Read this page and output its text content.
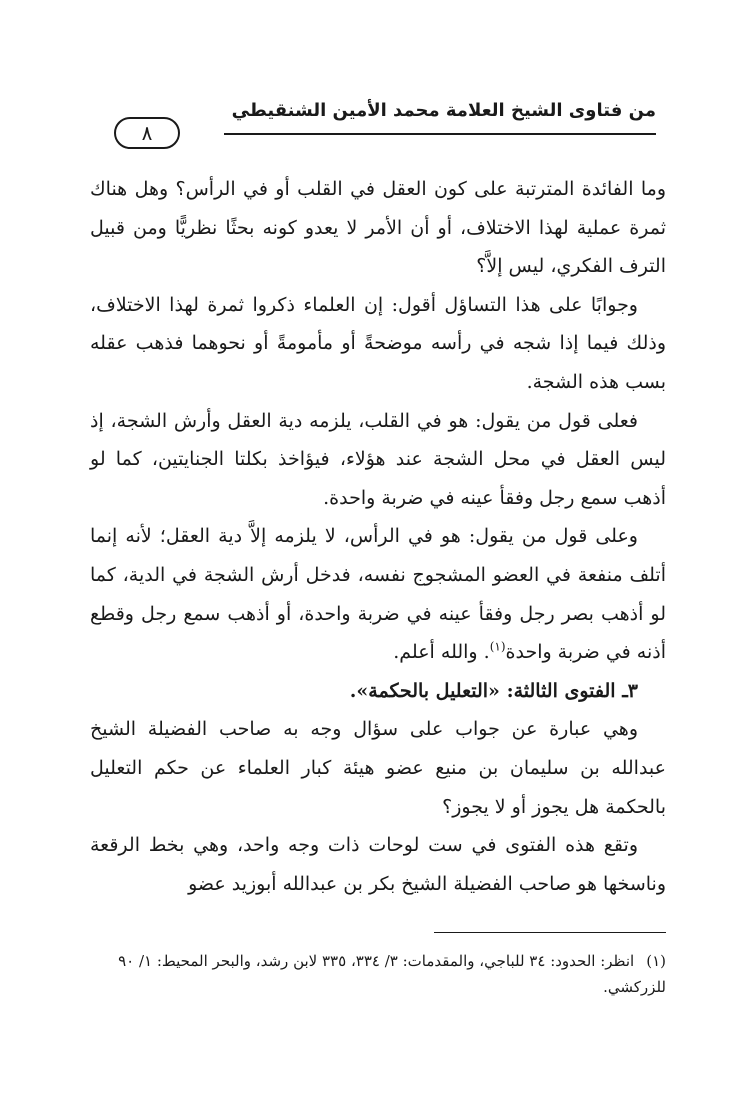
من فتاوى الشيخ العلامة محمد الأمين الشنقيطي
٨

وما الفائدة المترتبة على كون العقل في القلب أو في الرأس؟ وهل هناك ثمرة عملية لهذا الاختلاف، أو أن الأمر لا يعدو كونه بحثًا نظريًّا ومن قبيل الترف الفكري، ليس إلاَّ؟

وجوابًا على هذا التساؤل أقول: إن العلماء ذكروا ثمرة لهذا الاختلاف، وذلك فيما إذا شجه في رأسه موضحةً أو مأمومةً أو نحوهما فذهب عقله بسب هذه الشجة.

فعلى قول من يقول: هو في القلب، يلزمه دية العقل وأرش الشجة، إذ ليس العقل في محل الشجة عند هؤلاء، فيؤاخذ بكلتا الجنايتين، كما لو أذهب سمع رجل وفقأ عينه في ضربة واحدة.

وعلى قول من يقول: هو في الرأس، لا يلزمه إلاَّ دية العقل؛ لأنه إنما أتلف منفعة في العضو المشجوج نفسه، فدخل أرش الشجة في الدية، كما لو أذهب بصر رجل وفقأ عينه في ضربة واحدة، أو أذهب سمع رجل وقطع أذنه في ضربة واحدة$^{(١)}$. والله أعلم.

٣ـ الفتوى الثالثة: «التعليل بالحكمة».

وهي عبارة عن جواب على سؤال وجه به صاحب الفضيلة الشيخ عبدالله بن سليمان بن منيع عضو هيئة كبار العلماء عن حكم التعليل بالحكمة هل يجوز أو لا يجوز؟

وتقع هذه الفتوى في ست لوحات ذات وجه واحد، وهي بخط الرقعة وناسخها هو صاحب الفضيلة الشيخ بكر بن عبدالله أبوزيد عضو

(١)انظر: الحدود: ٣٤ للباجي، والمقدمات: ٣/ ٣٣٤، ٣٣٥ لابن رشد، والبحر المحيط: ١/ ٩٠ للزركشي.
